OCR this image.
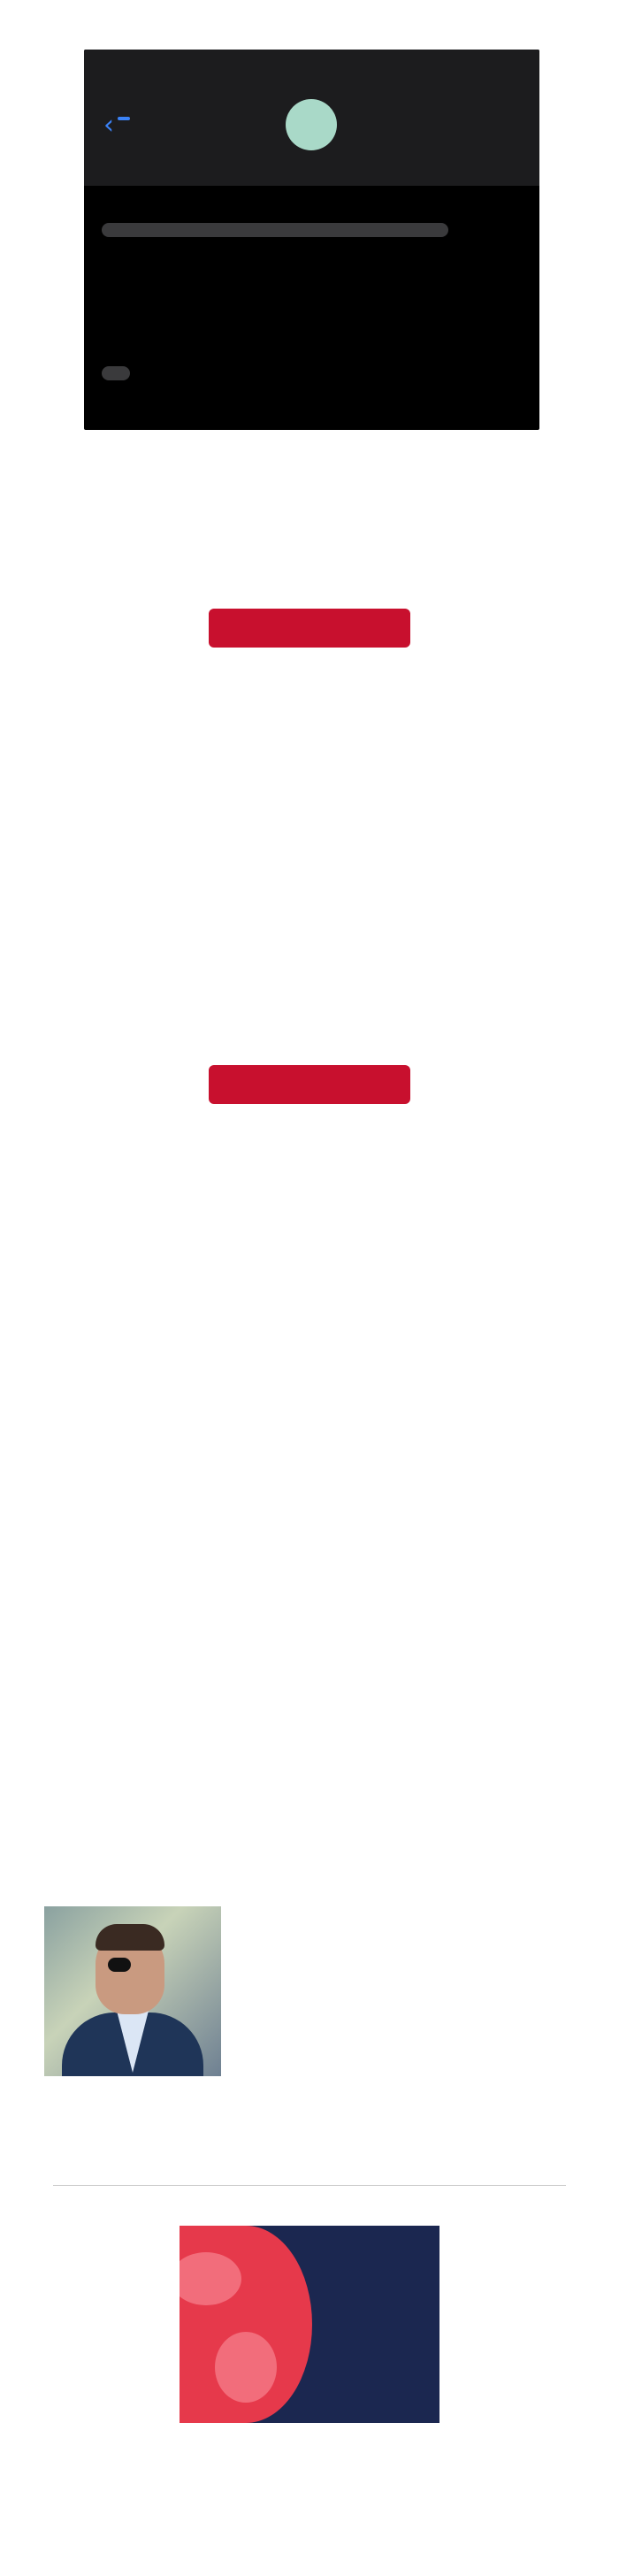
‹
